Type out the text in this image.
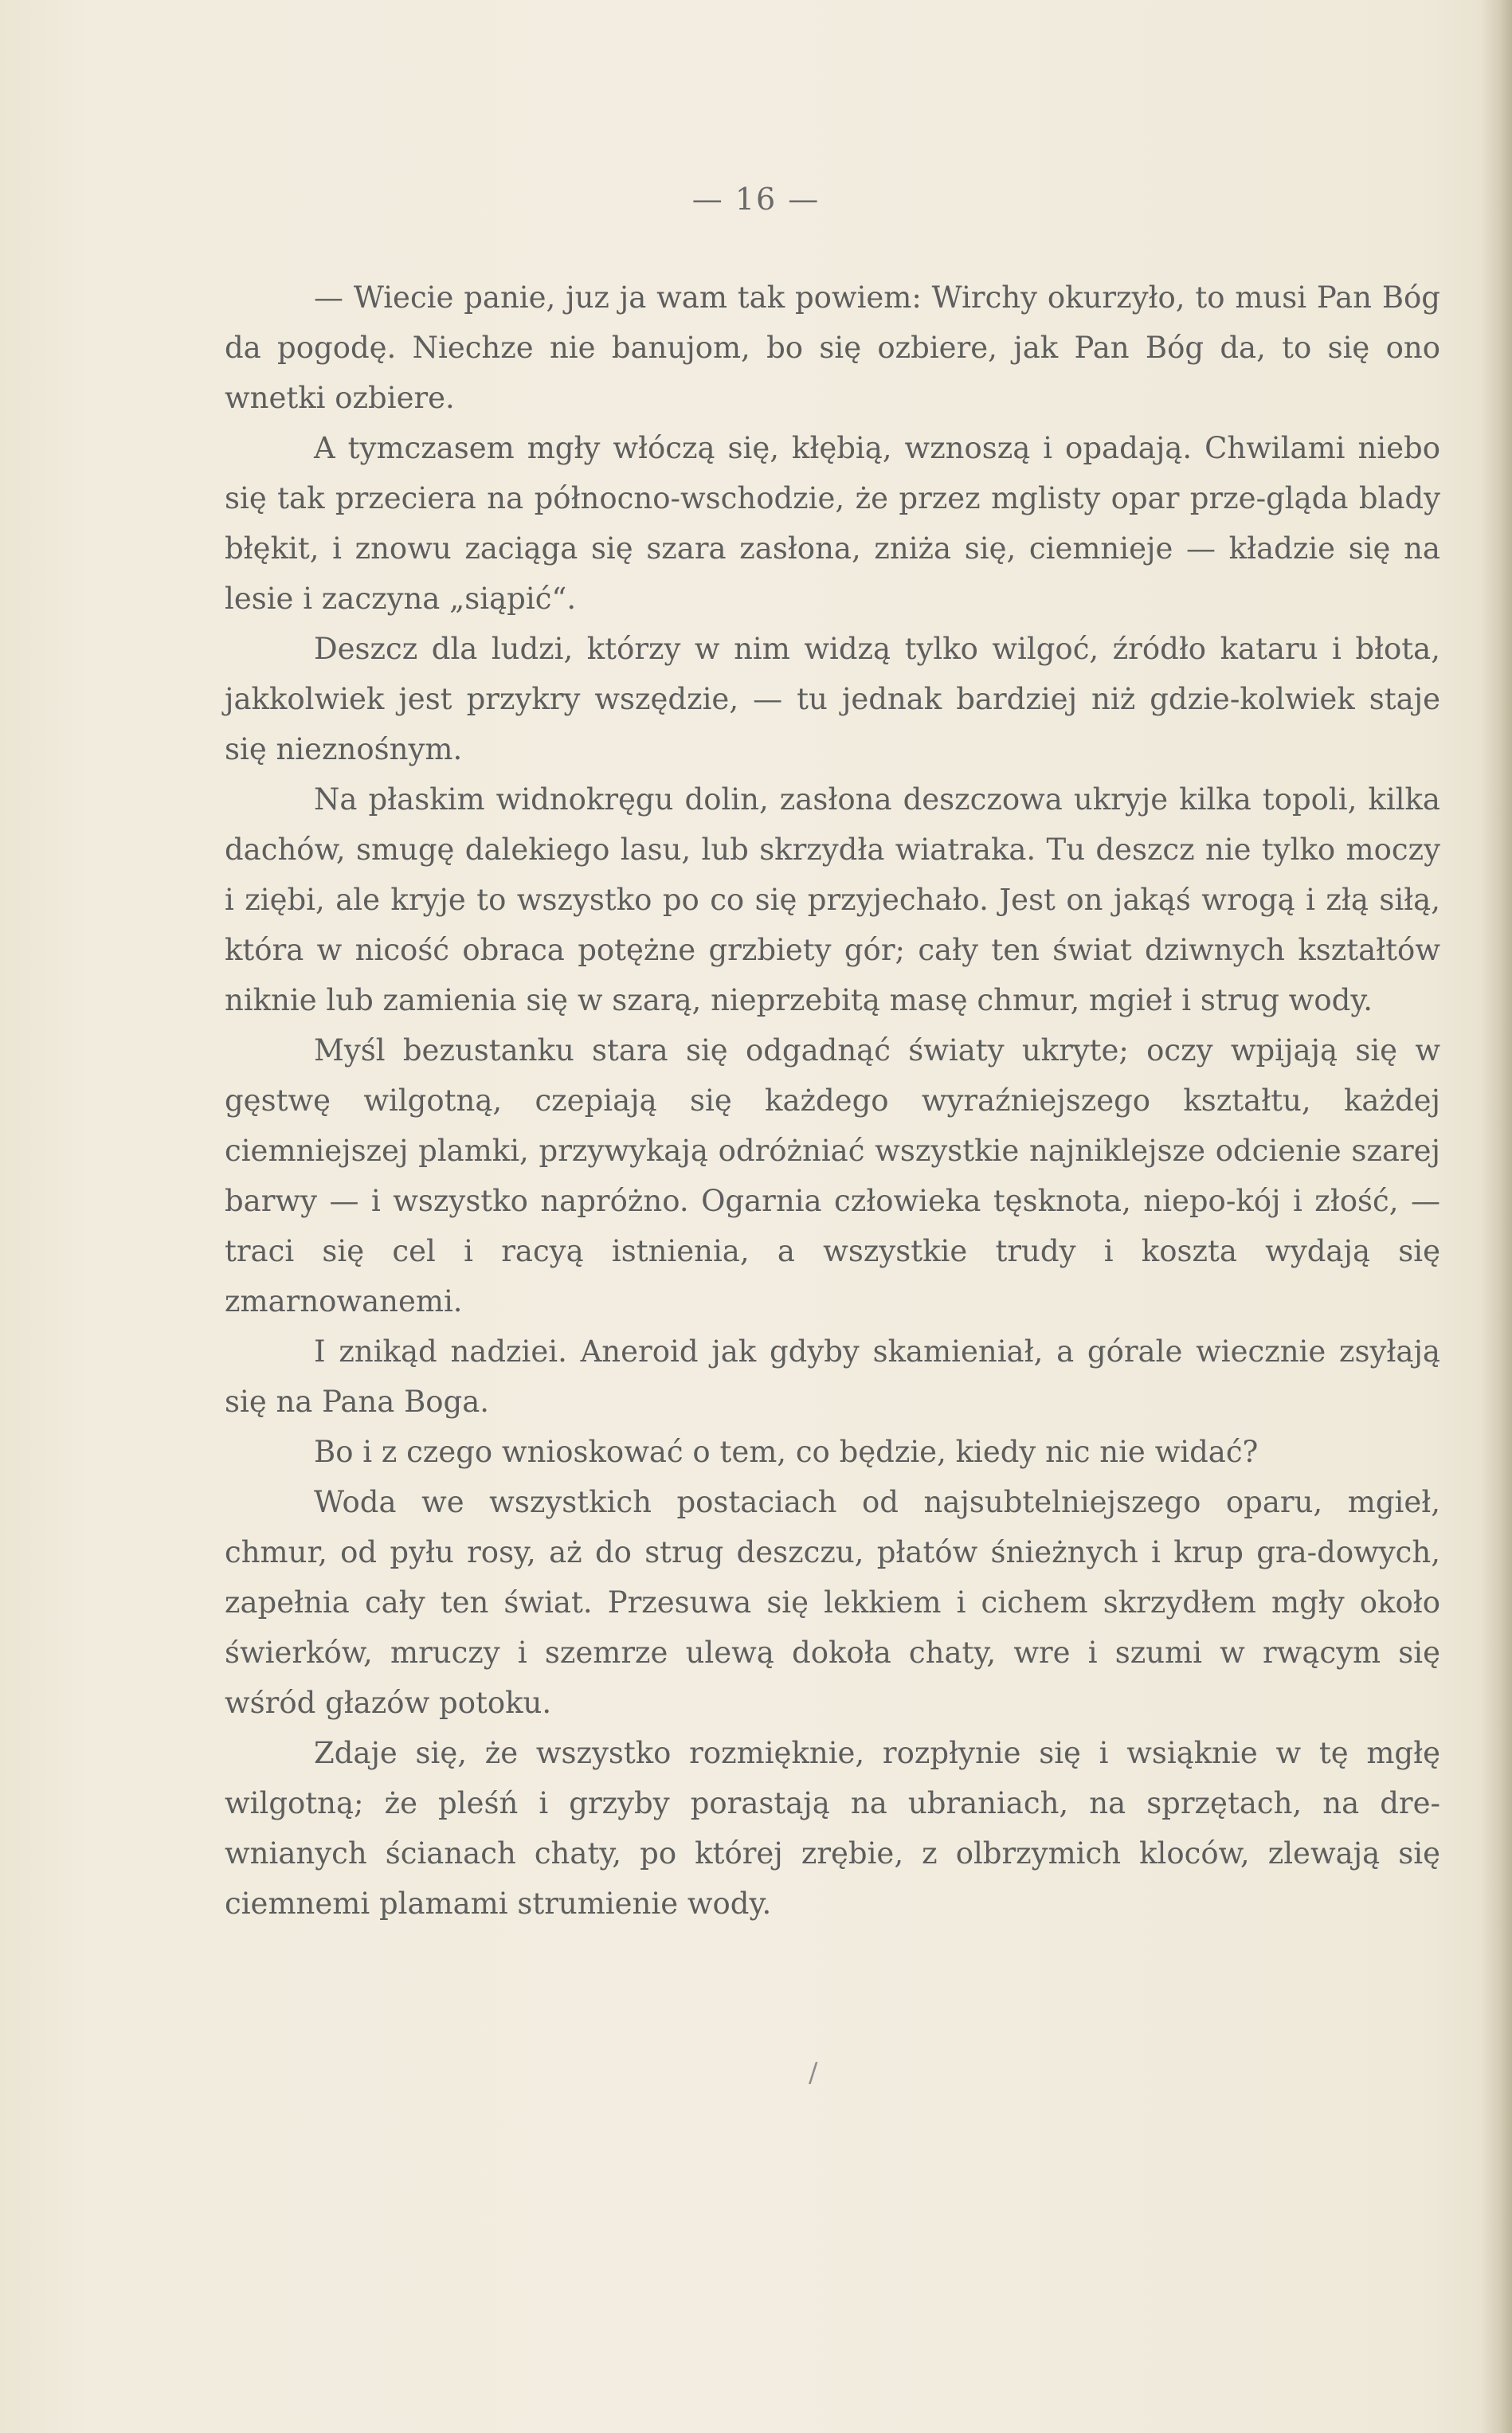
— 16 —

— Wiecie panie, juz ja wam tak powiem: Wirchy okurzyło, to musi Pan Bóg da pogodę. Niechze nie banujom, bo się ozbiere, jak Pan Bóg da, to się ono wnetki ozbiere.

A tymczasem mgły włóczą się, kłębią, wznoszą i opadają. Chwilami niebo się tak przeciera na północno-wschodzie, że przez mglisty opar prze-gląda blady błękit, i znowu zaciąga się szara zasłona, zniża się, ciemnieje — kładzie się na lesie i zaczyna „siąpić“.

Deszcz dla ludzi, którzy w nim widzą tylko wilgoć, źródło kataru i błota, jakkolwiek jest przykry wszędzie, — tu jednak bardziej niż gdzie-kolwiek staje się nieznośnym.

Na płaskim widnokręgu dolin, zasłona deszczowa ukryje kilka topoli, kilka dachów, smugę dalekiego lasu, lub skrzydła wiatraka. Tu deszcz nie tylko moczy i ziębi, ale kryje to wszystko po co się przyjechało. Jest on jakąś wrogą i złą siłą, która w nicość obraca potężne grzbiety gór; cały ten świat dziwnych kształtów niknie lub zamienia się w szarą, nieprzebitą masę chmur, mgieł i strug wody.

Myśl bezustanku stara się odgadnąć światy ukryte; oczy wpijają się w gęstwę wilgotną, czepiają się każdego wyraźniejszego kształtu, każdej ciemniejszej plamki, przywykają odróżniać wszystkie najniklejsze odcienie szarej barwy — i wszystko napróżno. Ogarnia człowieka tęsknota, niepo-kój i złość, — traci się cel i racyą istnienia, a wszystkie trudy i koszta wydają się zmarnowanemi.

I znikąd nadziei. Aneroid jak gdyby skamieniał, a górale wiecznie zsyłają się na Pana Boga.

Bo i z czego wnioskować o tem, co będzie, kiedy nic nie widać?

Woda we wszystkich postaciach od najsubtelniejszego oparu, mgieł, chmur, od pyłu rosy, aż do strug deszczu, płatów śnieżnych i krup gra-dowych, zapełnia cały ten świat. Przesuwa się lekkiem i cichem skrzydłem mgły około świerków, mruczy i szemrze ulewą dokoła chaty, wre i szumi w rwącym się wśród głazów potoku.

Zdaje się, że wszystko rozmięknie, rozpłynie się i wsiąknie w tę mgłę wilgotną; że pleśń i grzyby porastają na ubraniach, na sprzętach, na dre-wnianych ścianach chaty, po której zrębie, z olbrzymich kloców, zlewają się ciemnemi plamami strumienie wody.

/
